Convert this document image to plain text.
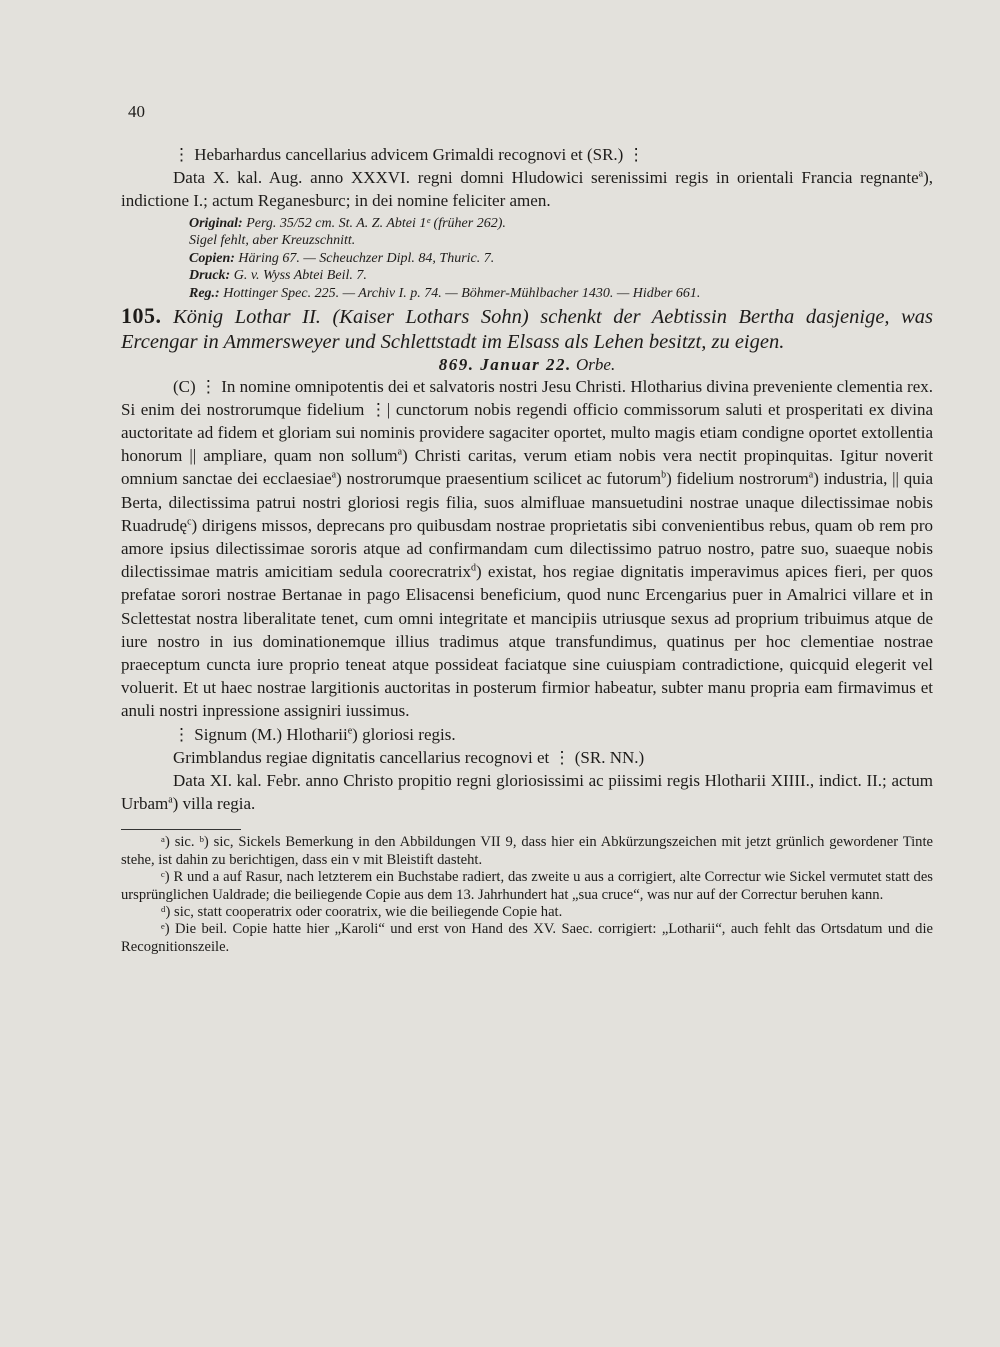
40

⋮ Hebarhardus cancellarius advicem Grimaldi recognovi et (SR.) ⋮

Data X. kal. Aug. anno XXXVI. regni domni Hludowici serenissimi regis in orientali Francia regnante$^a$), indictione I.; actum Reganesburc; in dei nomine feliciter amen.

Original: Perg. 35/52 cm. St. A. Z. Abtei 1ᵉ (früher 262).

Sigel fehlt, aber Kreuzschnitt.

Copien: Häring 67. — Scheuchzer Dipl. 84, Thuric. 7.

Druck: G. v. Wyss Abtei Beil. 7.

Reg.: Hottinger Spec. 225. — Archiv I. p. 74. — Böhmer-Mühlbacher 1430. — Hidber 661.

105. König Lothar II. (Kaiser Lothars Sohn) schenkt der Aebtissin Bertha dasjenige, was Ercengar in Ammersweyer und Schlettstadt im Elsass als Lehen besitzt, zu eigen.

869. Januar 22. Orbe.

(C) ⋮ In nomine omnipotentis dei et salvatoris nostri Jesu Christi. Hlotharius divina preveniente clementia rex. Si enim dei nostrorumque fidelium ⋮| cunctorum nobis regendi officio commissorum saluti et prosperitati ex divina auctoritate ad fidem et gloriam sui nominis providere sagaciter oportet, multo magis etiam condigne oportet extollentia honorum || ampliare, quam non sollum$^a$) Christi caritas, verum etiam nobis vera nectit propinquitas. Igitur noverit omnium sanctae dei ecclaesiae$^a$) nostrorumque praesentium scilicet ac futorum$^b$) fidelium nostrorum$^a$) industria, || quia Berta, dilectissima patrui nostri gloriosi regis filia, suos almifluae mansuetudini nostrae unaque dilectissimae nobis Ruadrudę$^c$) dirigens missos, deprecans pro quibusdam nostrae proprietatis sibi convenientibus rebus, quam ob rem pro amore ipsius dilectissimae sororis atque ad confirmandam cum dilectissimo patruo nostro, patre suo, suaeque nobis dilectissimae matris amicitiam sedula coorecratrix$^d$) existat, hos regiae dignitatis imperavimus apices fieri, per quos prefatae sorori nostrae Bertanae in pago Elisacensi beneficium, quod nunc Ercengarius puer in Amalrici villare et in Sclettestat nostra liberalitate tenet, cum omni integritate et mancipiis utriusque sexus ad proprium tribuimus atque de iure nostro in ius dominationemque illius tradimus atque transfundimus, quatinus per hoc clementiae nostrae praeceptum cuncta iure proprio teneat atque possideat faciatque sine cuiuspiam contradictione, quicquid elegerit vel voluerit. Et ut haec nostrae largitionis auctoritas in posterum firmior habeatur, subter manu propria eam firmavimus et anuli nostri inpressione assigniri iussimus.

⋮ Signum (M.) Hlotharii$^e$) gloriosi regis.

Grimblandus regiae dignitatis cancellarius recognovi et ⋮ (SR. NN.)

Data XI. kal. Febr. anno Christo propitio regni gloriosissimi ac piissimi regis Hlotharii XIIII., indict. II.; actum Urbam$^a$) villa regia.

ᵃ) sic. ᵇ) sic, Sickels Bemerkung in den Abbildungen VII 9, dass hier ein Abkürzungszeichen mit jetzt grünlich gewordener Tinte stehe, ist dahin zu berichtigen, dass ein v mit Bleistift dasteht.

ᶜ) R und a auf Rasur, nach letzterem ein Buchstabe radiert, das zweite u aus a corrigiert, alte Correctur wie Sickel vermutet statt des ursprünglichen Ualdrade; die beiliegende Copie aus dem 13. Jahrhundert hat „sua cruce“, was nur auf der Correctur beruhen kann.

ᵈ) sic, statt cooperatrix oder cooratrix, wie die beiliegende Copie hat.

ᵉ) Die beil. Copie hatte hier „Karoli“ und erst von Hand des XV. Saec. corrigiert: „Lotharii“, auch fehlt das Ortsdatum und die Recognitionszeile.
